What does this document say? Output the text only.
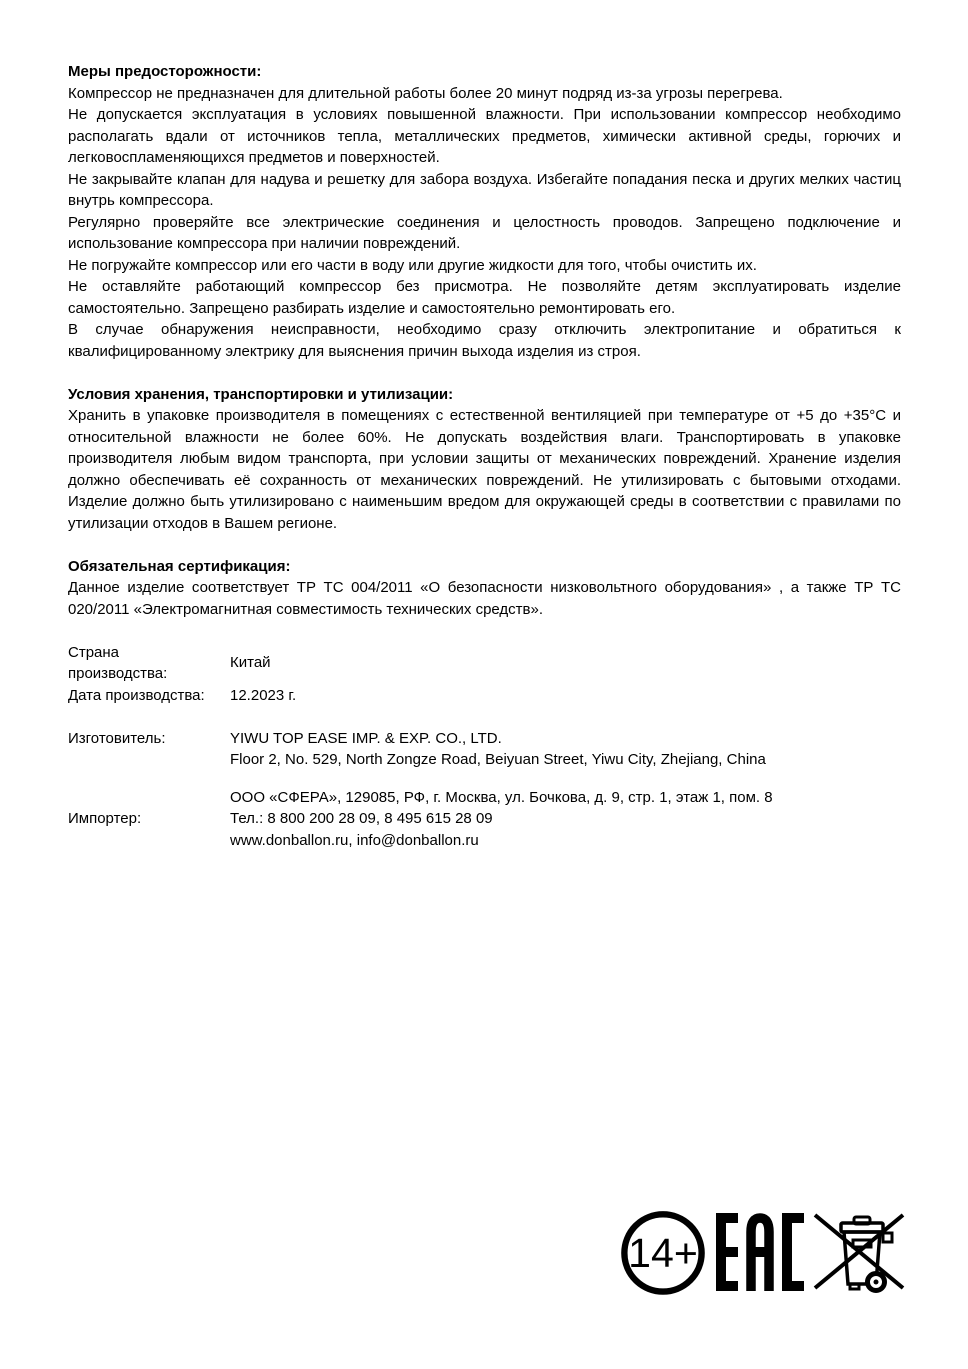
Меры предосторожности:

Компрессор не предназначен для длительной работы более 20 минут подряд из-за угрозы перегрева.

Не допускается эксплуатация в условиях повышенной влажности. При использовании компрессор необходимо располагать вдали от источников тепла, металлических предметов, химически активной среды, горючих и легковоспламеняющихся предметов и поверхностей.

Не закрывайте клапан для надува и решетку для забора воздуха. Избегайте попадания песка и других мелких частиц внутрь компрессора.

Регулярно проверяйте все электрические соединения и целостность проводов. Запрещено подключение и использование компрессора при наличии повреждений.

Не погружайте компрессор или его части в воду или другие жидкости для того, чтобы очистить их.

Не оставляйте работающий компрессор без присмотра. Не позволяйте детям эксплуатировать изделие самостоятельно. Запрещено разбирать изделие и самостоятельно ремонтировать его.

В случае обнаружения неисправности, необходимо сразу отключить электропитание и обратиться к квалифицированному электрику для выяснения причин выхода изделия из строя.

Условия хранения, транспортировки и утилизации:

Хранить в упаковке производителя в помещениях с естественной вентиляцией при температуре от +5 до +35°С и относительной влажности не более 60%. Не допускать воздействия влаги. Транспортировать в упаковке производителя любым видом транспорта, при условии защиты от механических повреждений. Хранение изделия должно обеспечивать её сохранность от механических повреждений. Не утилизировать с бытовыми отходами. Изделие должно быть утилизировано с наименьшим вредом для окружающей среды в соответствии с правилами по утилизации отходов в Вашем регионе.

Обязательная сертификация:

Данное изделие соответствует ТР ТС 004/2011 «О безопасности низковольтного оборудования» , а также ТР ТС 020/2011 «Электромагнитная совместимость технических средств».

Страна производства:
Китай
Дата производства:	12.2023 г.
Изготовитель:	YIWU TOP EASE IMP. & EXP. CO., LTD.
Floor 2, No. 529, North Zongze Road, Beiyuan Street, Yiwu City, Zhejiang, China
Импортер:
ООО «СФЕРА», 129085, РФ, г. Москва, ул. Бочкова, д. 9, стр. 1, этаж 1, пом. 8
Тел.: 8 800 200 28 09, 8 495 615 28 09
www.donballon.ru, info@donballon.ru
14+
